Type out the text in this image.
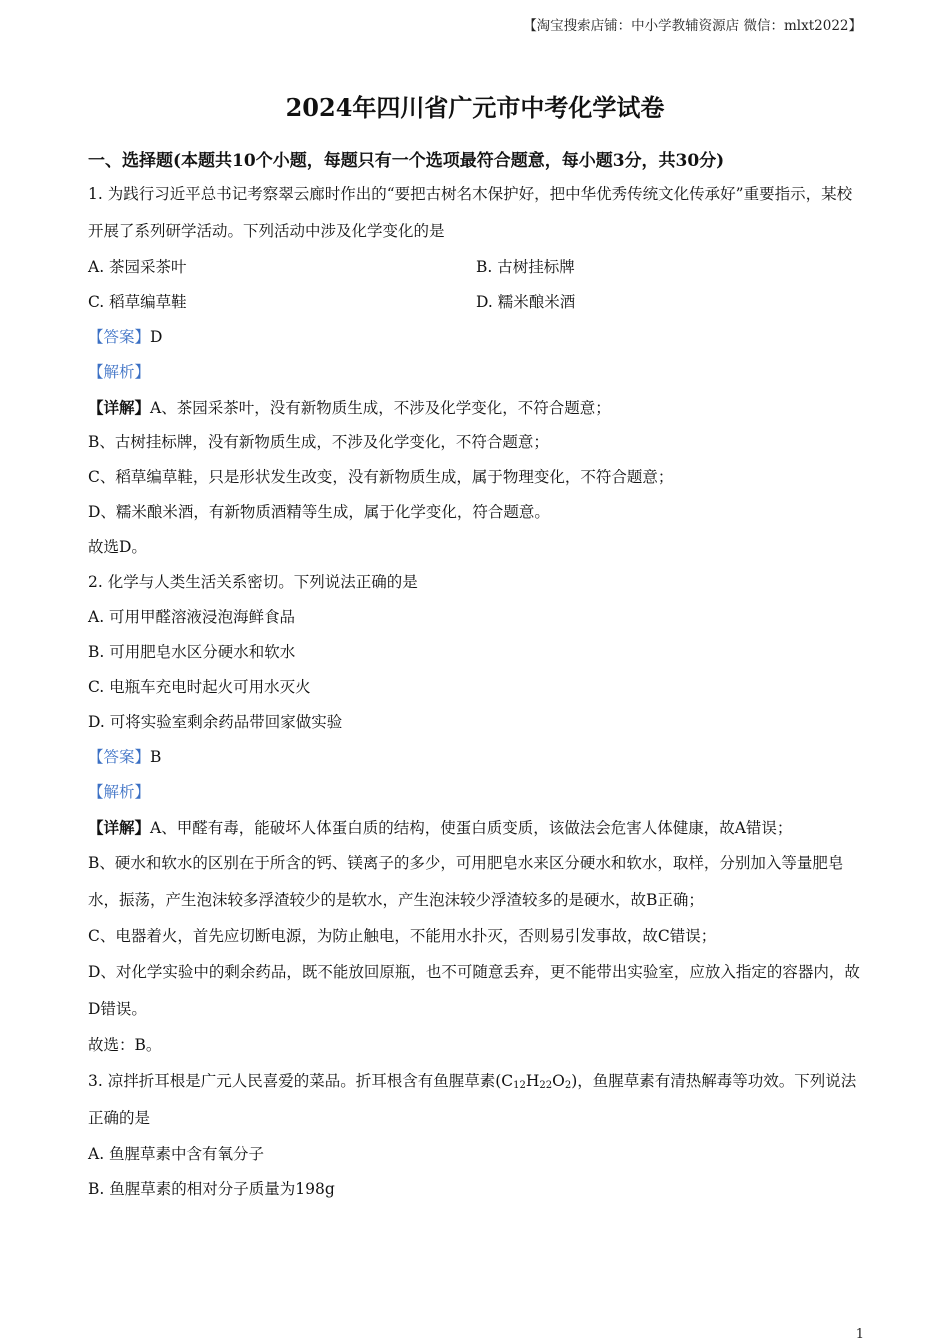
【淘宝搜索店铺：中小学教辅资源店 微信：mlxt2022】
2024年四川省广元市中考化学试卷
一、选择题(本题共10个小题，每题只有一个选项最符合题意，每小题3分，共30分)
1. 为践行习近平总书记考察翠云廊时作出的“要把古树名木保护好，把中华优秀传统文化传承好”重要指示，某校开展了系列研学活动。下列活动中涉及化学变化的是
A. 茶园采茶叶	B. 古树挂标牌
C. 稻草编草鞋	D. 糯米酿米酒
【答案】D
【解析】
【详解】A、茶园采茶叶，没有新物质生成，不涉及化学变化，不符合题意；
B、古树挂标牌，没有新物质生成，不涉及化学变化，不符合题意；
C、稻草编草鞋，只是形状发生改变，没有新物质生成，属于物理变化，不符合题意；
D、糯米酿米酒，有新物质酒精等生成，属于化学变化，符合题意。
故选D。
2. 化学与人类生活关系密切。下列说法正确的是
A. 可用甲醛溶液浸泡海鲜食品
B. 可用肥皂水区分硬水和软水
C. 电瓶车充电时起火可用水灭火
D. 可将实验室剩余药品带回家做实验
【答案】B
【解析】
【详解】A、甲醛有毒，能破坏人体蛋白质的结构，使蛋白质变质，该做法会危害人体健康，故A错误；
B、硬水和软水的区别在于所含的钙、镁离子的多少，可用肥皂水来区分硬水和软水，取样，分别加入等量肥皂水，振荡，产生泡沫较多浮渣较少的是软水，产生泡沫较少浮渣较多的是硬水，故B正确；
C、电器着火，首先应切断电源，为防止触电，不能用水扑灭，否则易引发事故，故C错误；
D、对化学实验中的剩余药品，既不能放回原瓶，也不可随意丢弃，更不能带出实验室，应放入指定的容器内，故D错误。
故选：B。
3. 凉拌折耳根是广元人民喜爱的菜品。折耳根含有鱼腥草素$(C_{12}H_{22}O_2)$，鱼腥草素有清热解毒等功效。下列说法正确的是
A. 鱼腥草素中含有氧分子
B. 鱼腥草素的相对分子质量为198g
1
